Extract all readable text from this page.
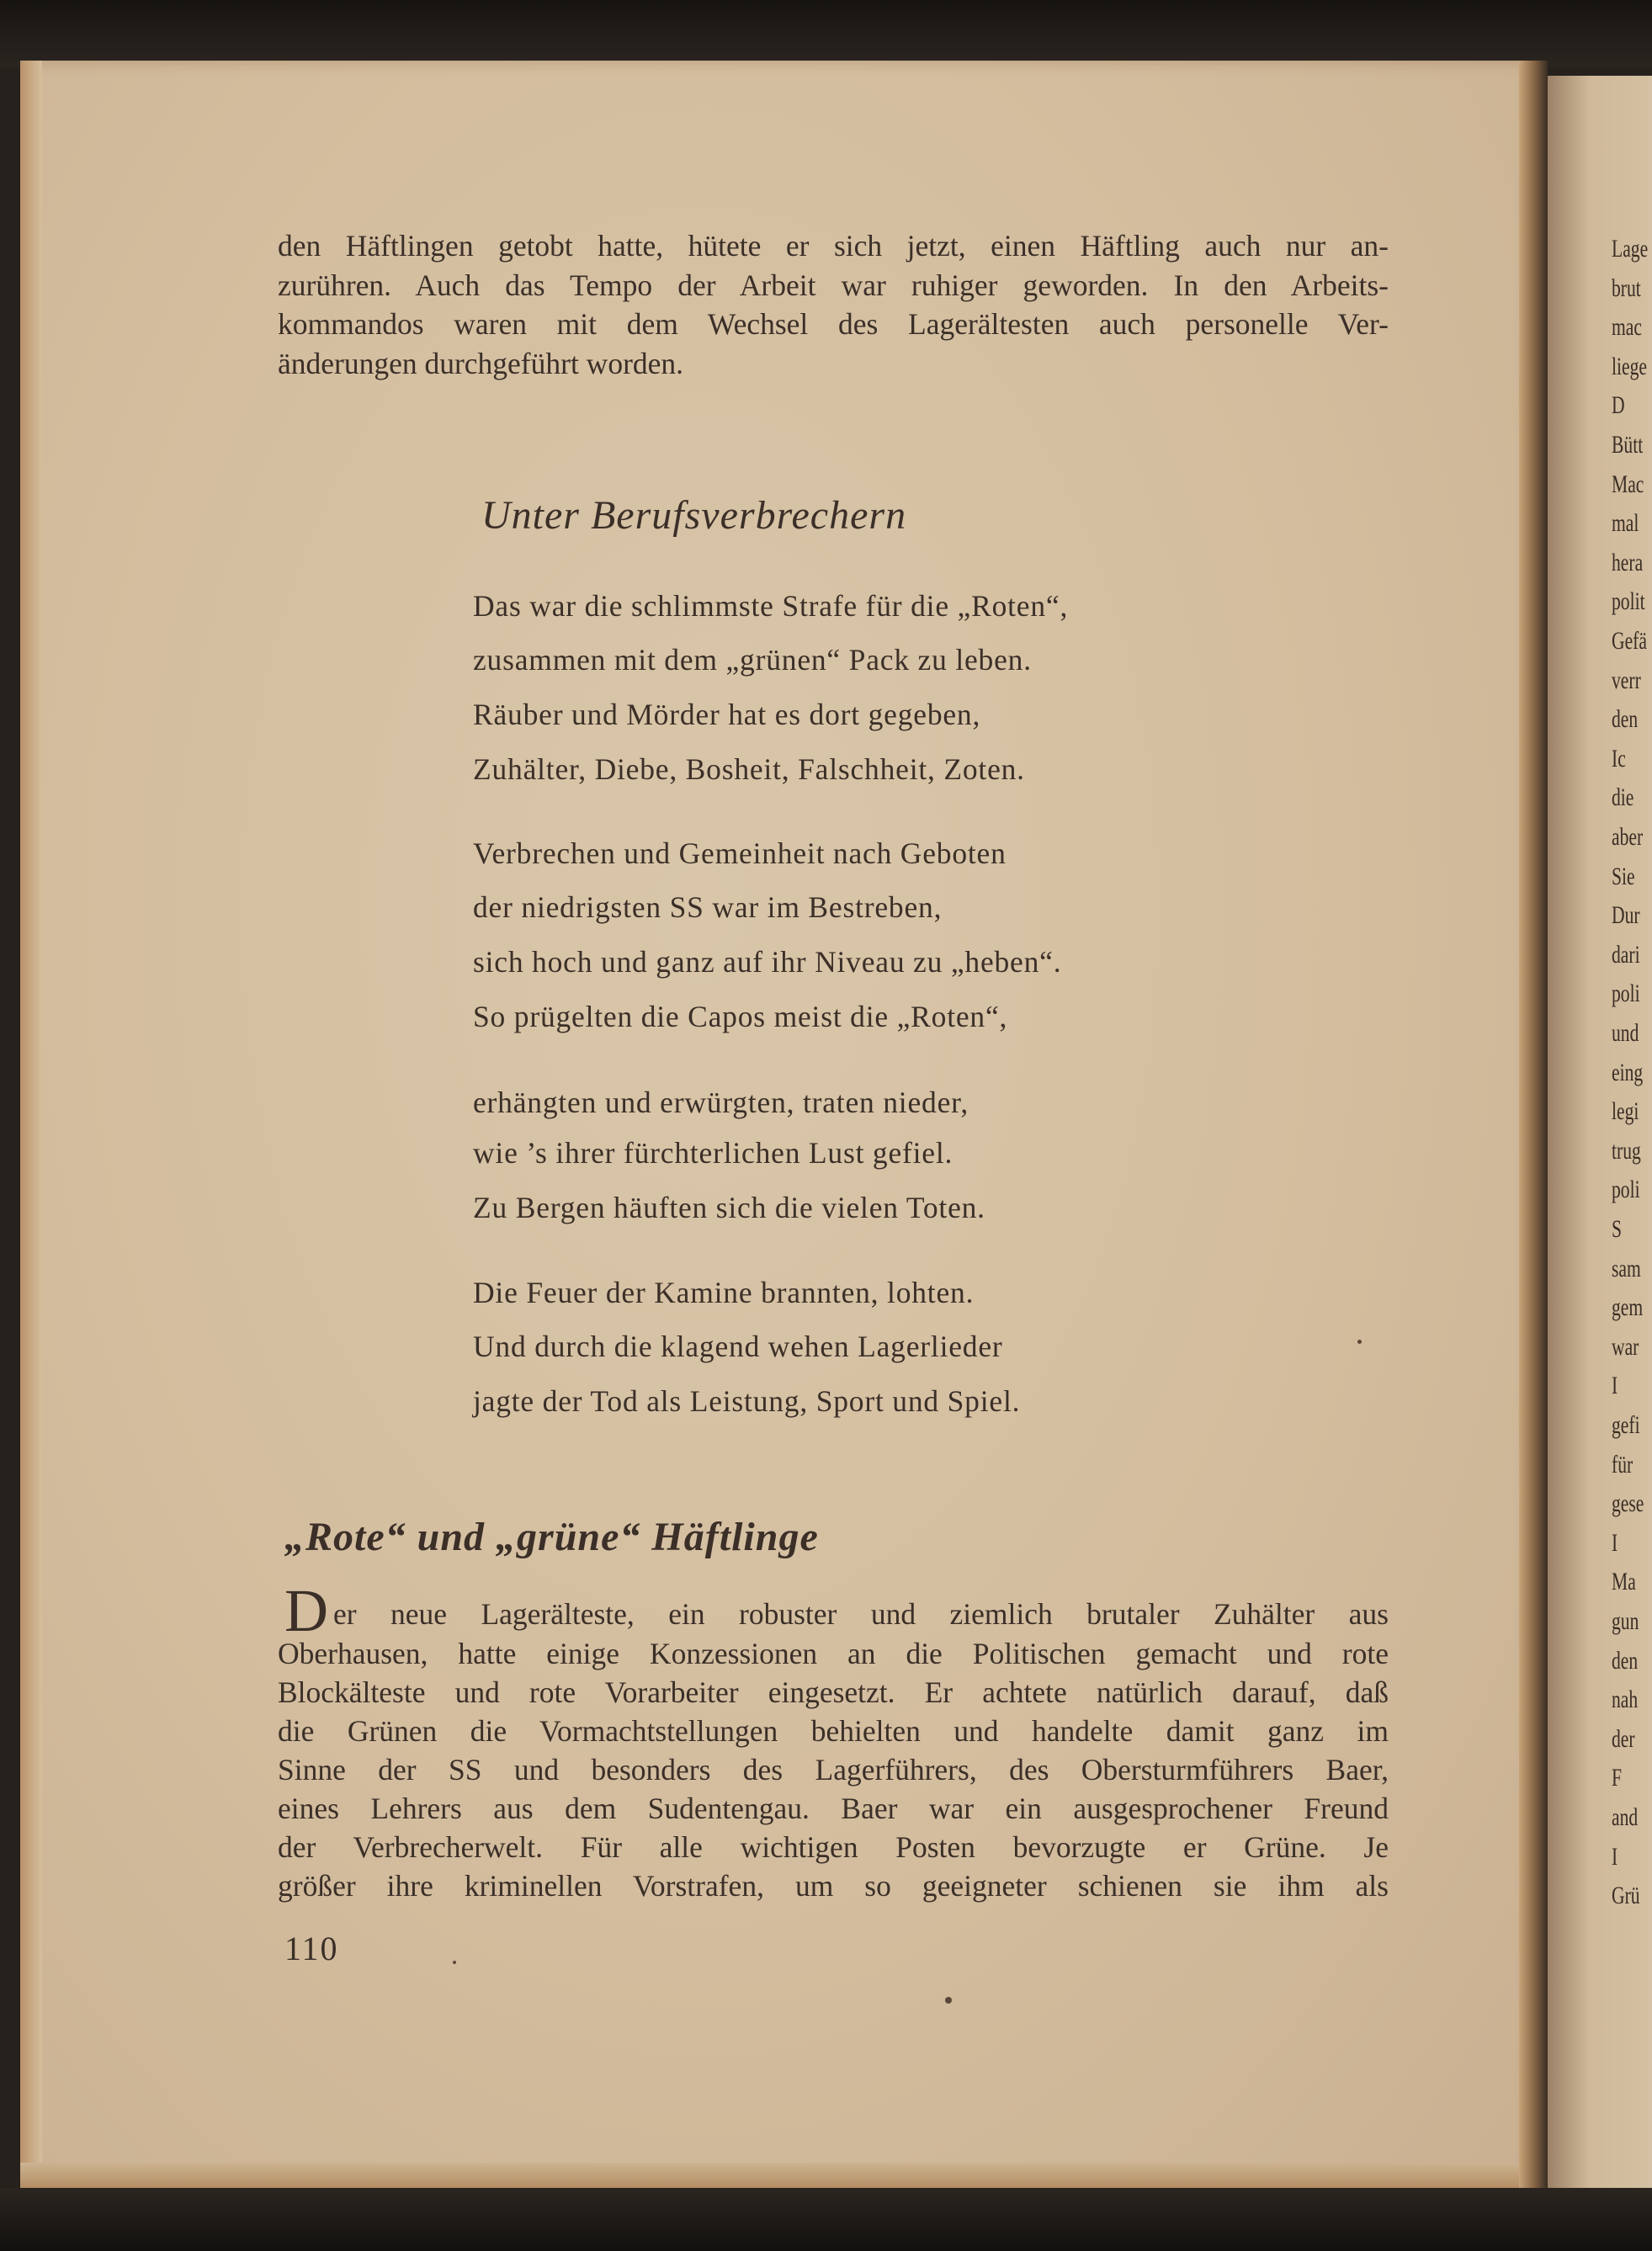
Lage
brut
mac
liege
D
Bütt
Mac
mal
hera
polit
Gefä
verr
den
Ic
die
aber
Sie
Dur
dari
poli
und
eing
legi
trug
poli
S
sam
gem
war
I
gefi
für
gese
I
Ma
gun
den
nah
der
F
and
I
Grü
den Häftlingen getobt hatte, hütete er sich jetzt, einen Häftling auch nur an-
zurühren. Auch das Tempo der Arbeit war ruhiger geworden. In den Arbeits-
kommandos waren mit dem Wechsel des Lagerältesten auch personelle Ver-
änderungen durchgeführt worden.
Unter Berufsverbrechern
Das war die schlimmste Strafe für die „Roten“,
zusammen mit dem „grünen“ Pack zu leben.
Räuber und Mörder hat es dort gegeben,
Zuhälter, Diebe, Bosheit, Falschheit, Zoten.
Verbrechen und Gemeinheit nach Geboten
der niedrigsten SS war im Bestreben,
sich hoch und ganz auf ihr Niveau zu „heben“.
So prügelten die Capos meist die „Roten“,
erhängten und erwürgten, traten nieder,
wie ’s ihrer fürchterlichen Lust gefiel.
Zu Bergen häuften sich die vielen Toten.
Die Feuer der Kamine brannten, lohten.
Und durch die klagend wehen Lagerlieder
jagte der Tod als Leistung, Sport und Spiel.
„Rote“ und „grüne“ Häftlinge
D er neue Lagerälteste, ein robuster und ziemlich brutaler Zuhälter aus
Oberhausen, hatte einige Konzessionen an die Politischen gemacht und rote
Blockälteste und rote Vorarbeiter eingesetzt. Er achtete natürlich darauf, daß
die Grünen die Vormachtstellungen behielten und handelte damit ganz im
Sinne der SS und besonders des Lagerführers, des Obersturmführers Baer,
eines Lehrers aus dem Sudentengau. Baer war ein ausgesprochener Freund
der Verbrecherwelt. Für alle wichtigen Posten bevorzugte er Grüne. Je
größer ihre kriminellen Vorstrafen, um so geeigneter schienen sie ihm als
110
